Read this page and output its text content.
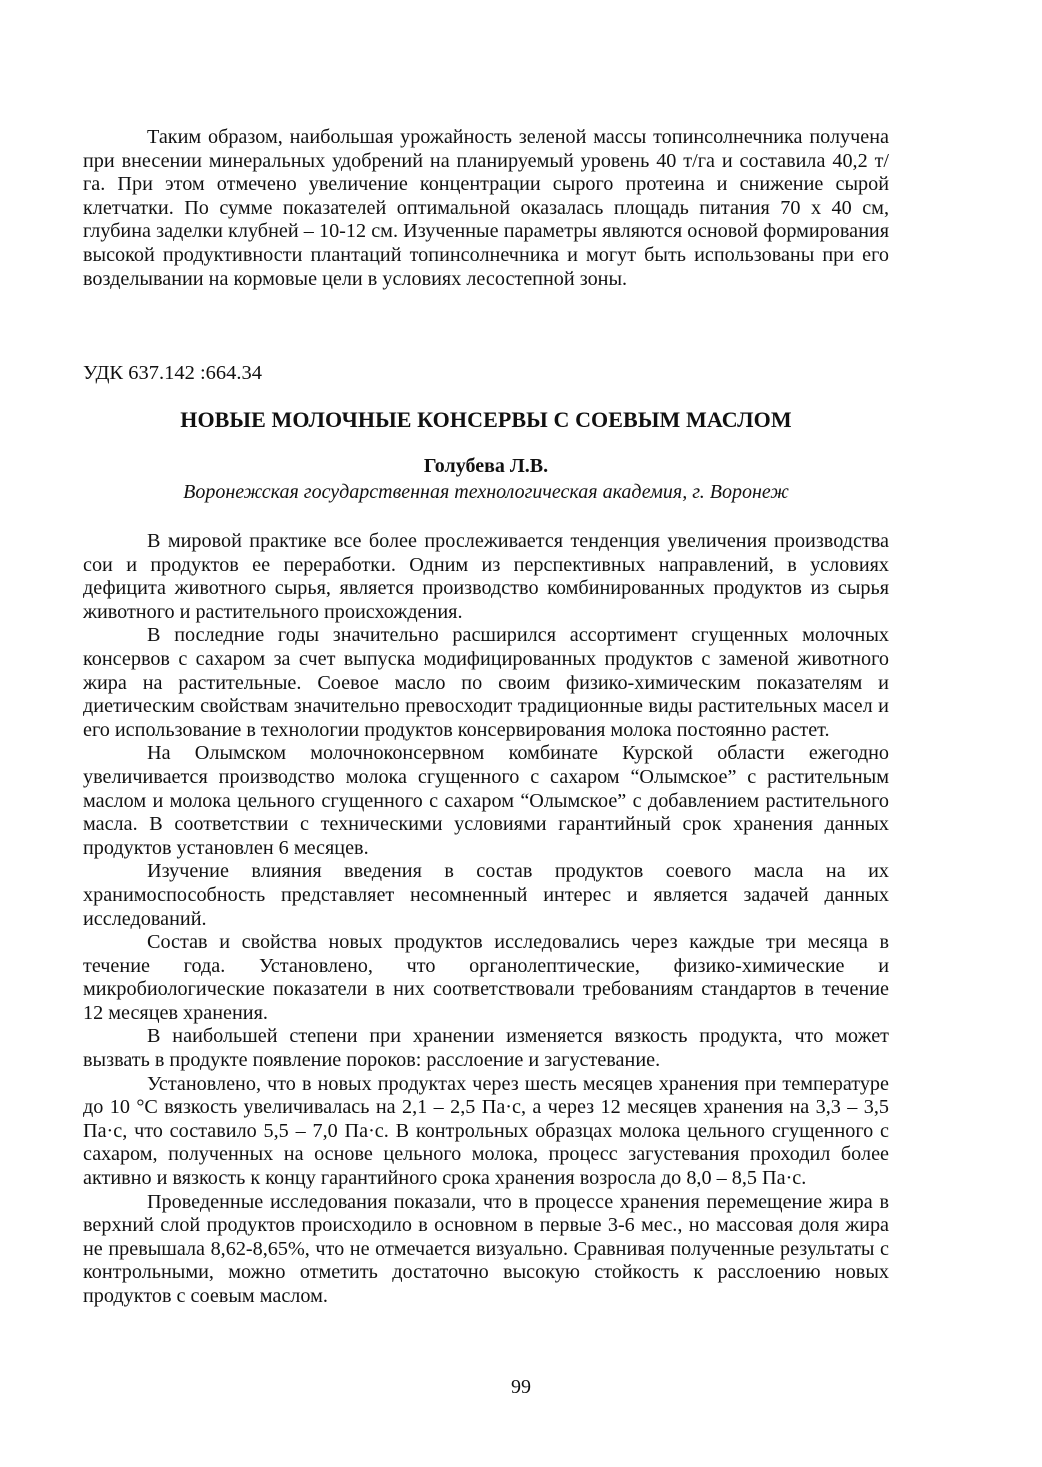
Таким образом, наибольшая урожайность зеленой массы топинсолнечника получена при внесении минеральных удобрений на планируемый уровень 40 т/га и составила 40,2 т/га. При этом отмечено увеличение концентрации сырого протеина и снижение сырой клетчатки. По сумме показателей оптимальной оказалась площадь питания 70 х 40 см, глубина заделки клубней – 10-12 см. Изученные параметры являются основой формирования высокой продуктивности плантаций топинсолнечника и могут быть использованы при его возделывании на кормовые цели в условиях лесостепной зоны.

УДК 637.142 :664.34
НОВЫЕ МОЛОЧНЫЕ КОНСЕРВЫ С СОЕВЫМ МАСЛОМ
Голубева Л.В.
Воронежская государственная технологическая академия, г. Воронеж

В мировой практике все более прослеживается тенденция увеличения производства сои и продуктов ее переработки. Одним из перспективных направлений, в условиях дефицита животного сырья, является производство комбинированных продуктов из сырья животного и растительного происхождения.

В последние годы значительно расширился ассортимент сгущенных молочных консервов с сахаром за счет выпуска модифицированных продуктов с заменой животного жира на растительные. Соевое масло по своим физико-химическим показателям и диетическим свойствам значительно превосходит традиционные виды растительных масел и его использование в технологии продуктов консервирования молока постоянно растет.

На Олымском молочноконсервном комбинате Курской области ежегодно увеличивается производство молока сгущенного с сахаром “Олымское” с растительным маслом и молока цельного сгущенного с сахаром “Олымское” с добавлением растительного масла. В соответствии с техническими условиями гарантийный срок хранения данных продуктов установлен 6 месяцев.

Изучение влияния введения в состав продуктов соевого масла на их хранимоспособность представляет несомненный интерес и является задачей данных исследований.

Состав и свойства новых продуктов исследовались через каждые три месяца в течение года. Установлено, что органолептические, физико-химические и микробиологические показатели в них соответствовали требованиям стандартов в течение 12 месяцев хранения.

В наибольшей степени при хранении изменяется вязкость продукта, что может вызвать в продукте появление пороков: расслоение и загустевание.

Установлено, что в новых продуктах через шесть месяцев хранения при температуре до 10 °С вязкость увеличивалась на 2,1 – 2,5 Па·с, а через 12 месяцев хранения на 3,3 – 3,5 Па·с, что составило 5,5 – 7,0 Па·с. В контрольных образцах молока цельного сгущенного с сахаром, полученных на основе цельного молока, процесс загустевания проходил более активно и вязкость к концу гарантийного срока хранения возросла до 8,0 – 8,5 Па·с.

Проведенные исследования показали, что в процессе хранения перемещение жира в верхний слой продуктов происходило в основном в первые 3-6 мес., но массовая доля жира не превышала 8,62-8,65%, что не отмечается визуально. Сравнивая полученные результаты с контрольными, можно отметить достаточно высокую стойкость к расслоению новых продуктов с соевым маслом.

99
